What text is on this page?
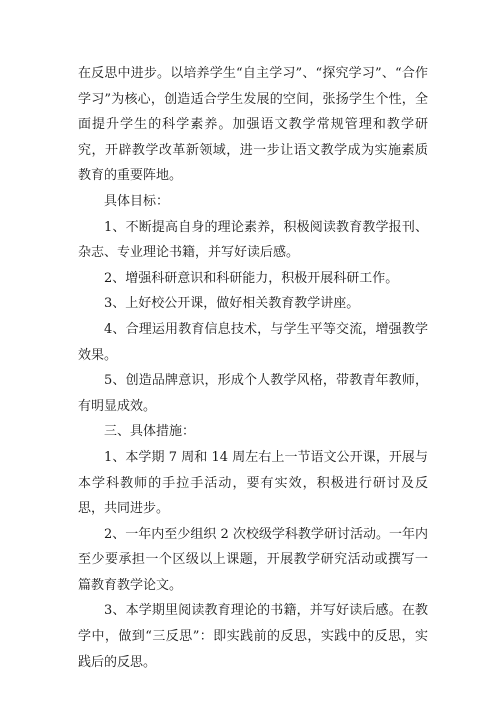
在反思中进步。以培养学生“自主学习”、“探究学习”、“合作学习”为核心，创造适合学生发展的空间，张扬学生个性，全面提升学生的科学素养。加强语文教学常规管理和教学研究，开辟教学改革新领域，进一步让语文教学成为实施素质教育的重要阵地。

具体目标：

1、不断提高自身的理论素养，积极阅读教育教学报刊、杂志、专业理论书籍，并写好读后感。

2、增强科研意识和科研能力，积极开展科研工作。

3、上好校公开课，做好相关教育教学讲座。

4、合理运用教育信息技术，与学生平等交流，增强教学效果。

5、创造品牌意识，形成个人教学风格，带教青年教师，有明显成效。

三、具体措施：

1、本学期 7 周和 14 周左右上一节语文公开课，开展与本学科教师的手拉手活动，要有实效，积极进行研讨及反思，共同进步。

2、一年内至少组织 2 次校级学科教学研讨活动。一年内至少要承担一个区级以上课题，开展教学研究活动或撰写一篇教育教学论文。

3、本学期里阅读教育理论的书籍，并写好读后感。在教学中，做到“三反思”：即实践前的反思，实践中的反思，实践后的反思。
